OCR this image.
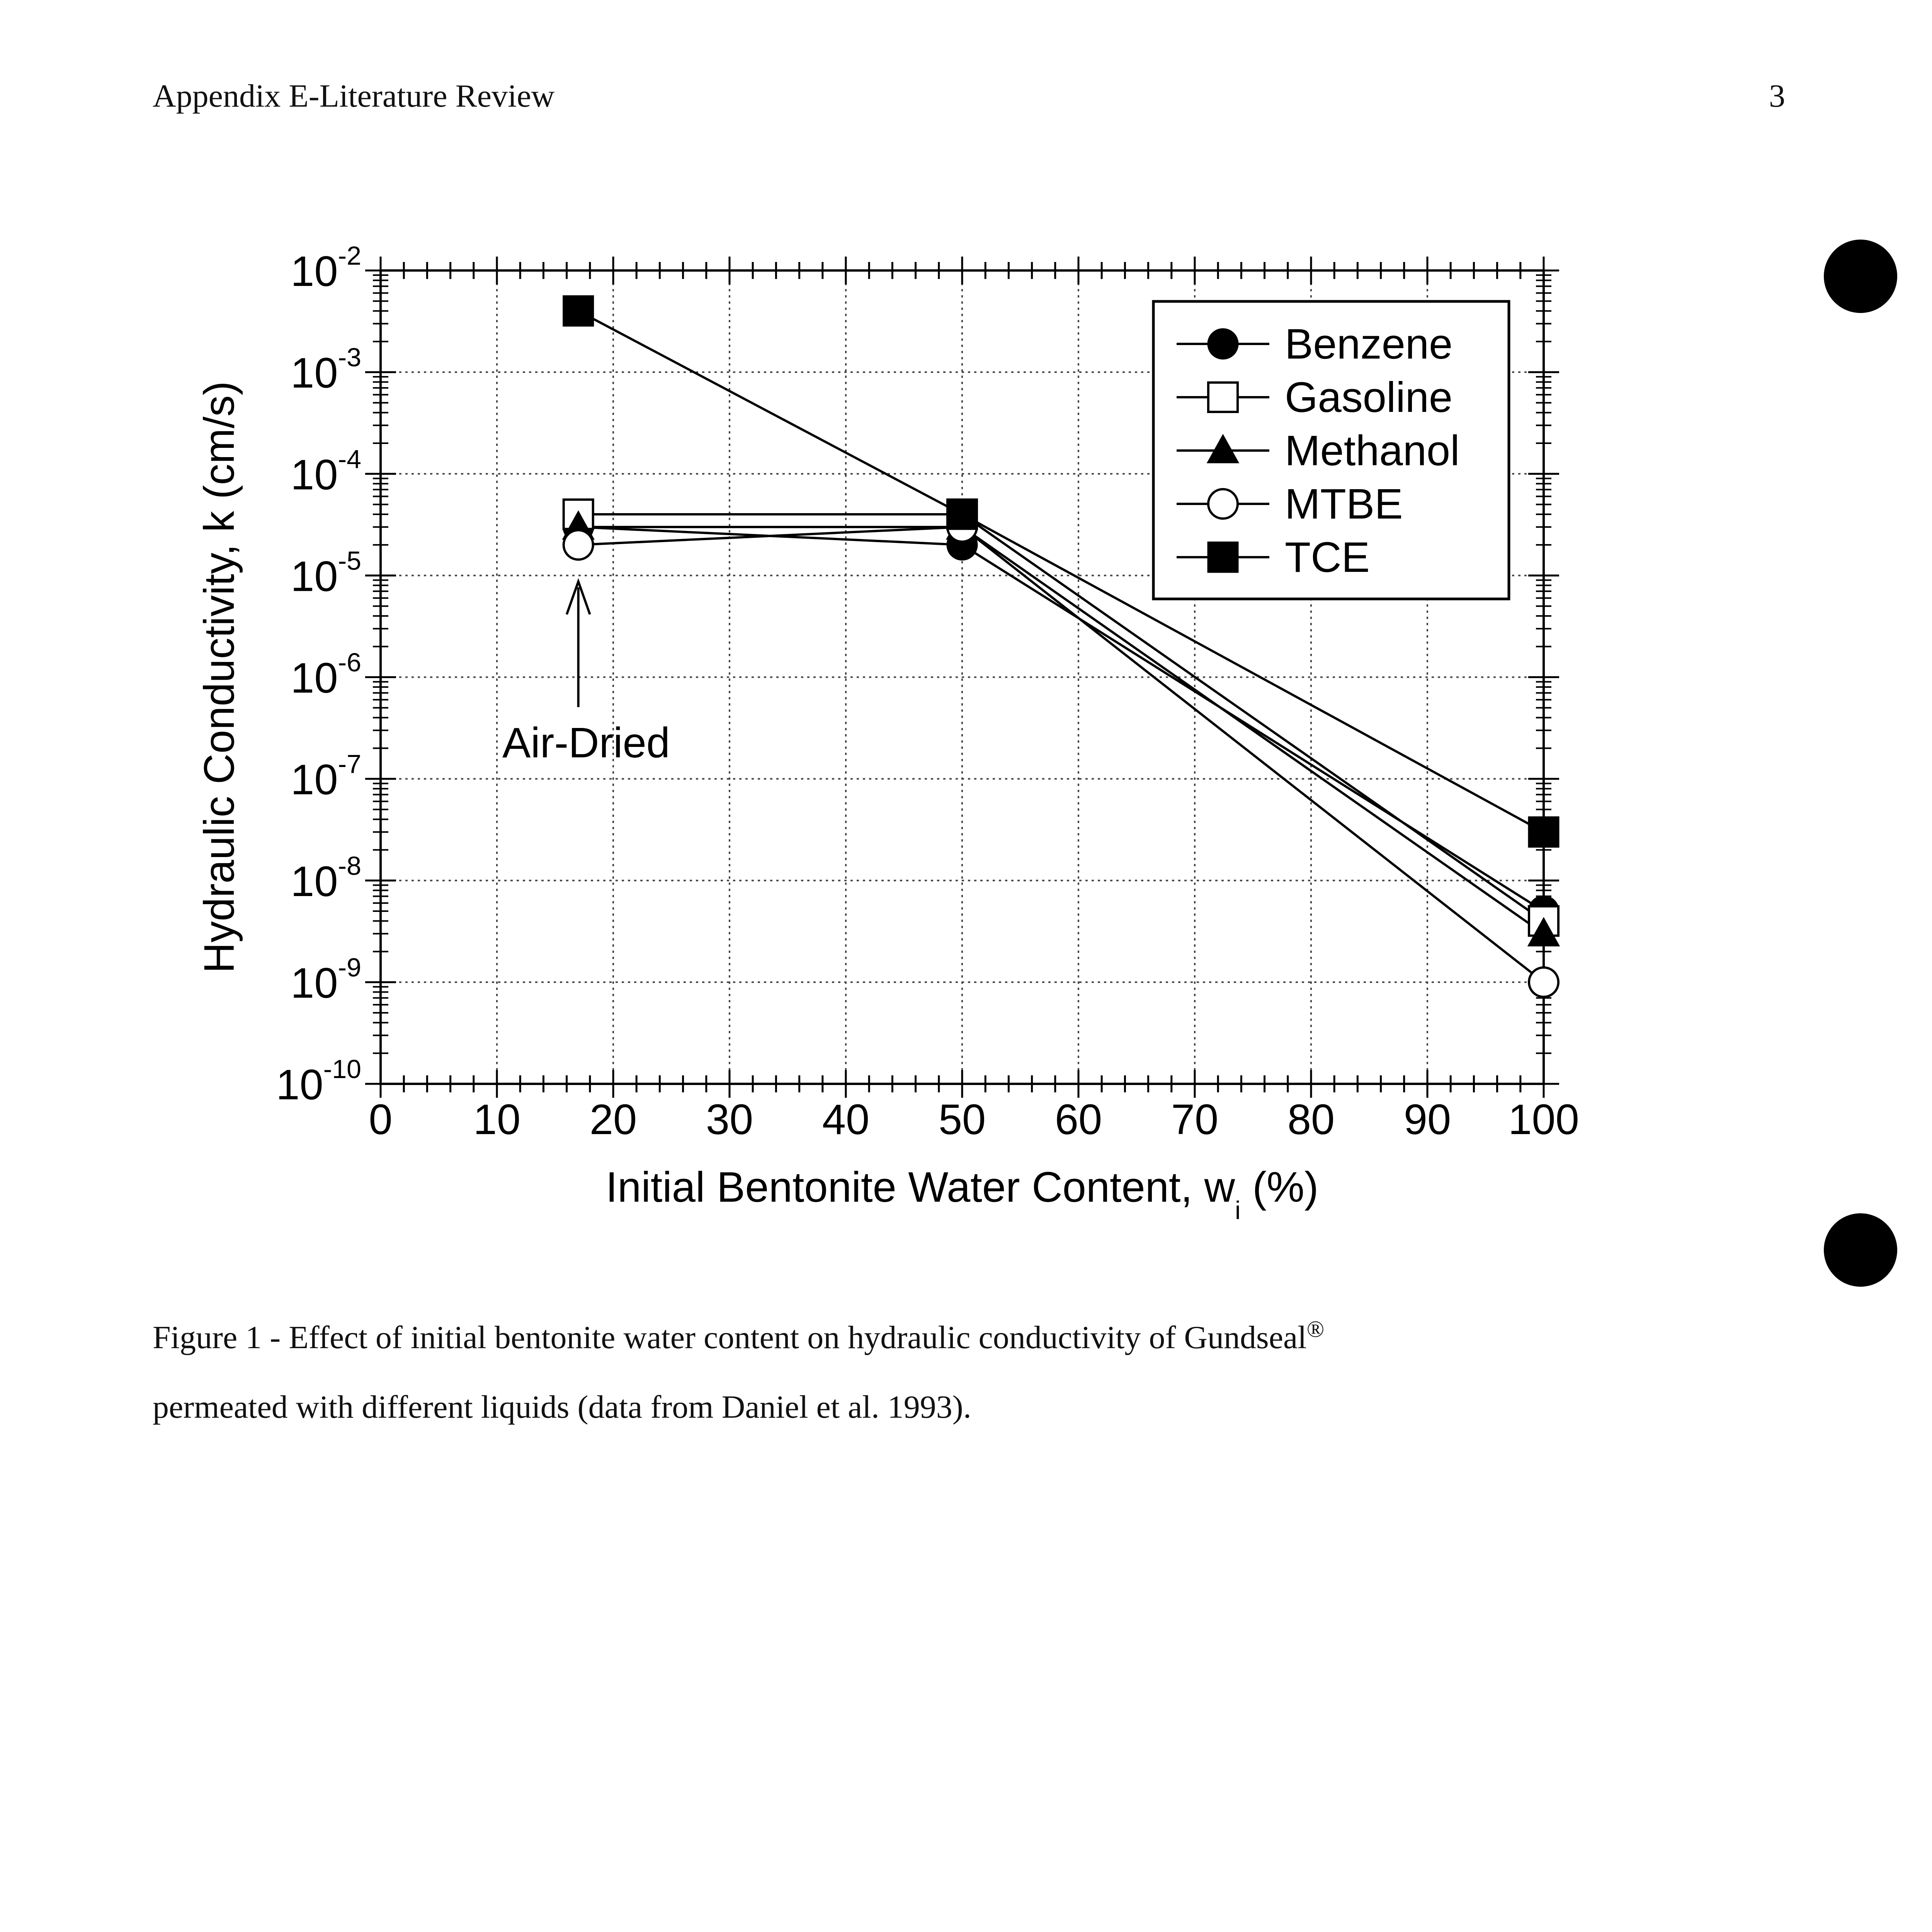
Appendix E-Literature Review	3
0 10 20 30 40 50 60 70 80 90 100
$10^{-2}$
$10^{-3}$
$10^{-4}$
$10^{-5}$
$10^{-6}$
$10^{-7}$
$10^{-8}$
$10^{-9}$
$10^{-10}$
Initial Bentonite Water Content, $w_i$ (%)
Hydraulic Conductivity, k (cm/s)	Air-Dried
Benzene
Gasoline
Methanol
MTBE
TCE
Figure 1 - Effect of initial bentonite water content on hydraulic conductivity of Gundseal®
permeated with different liquids (data from Daniel et al. 1993).
